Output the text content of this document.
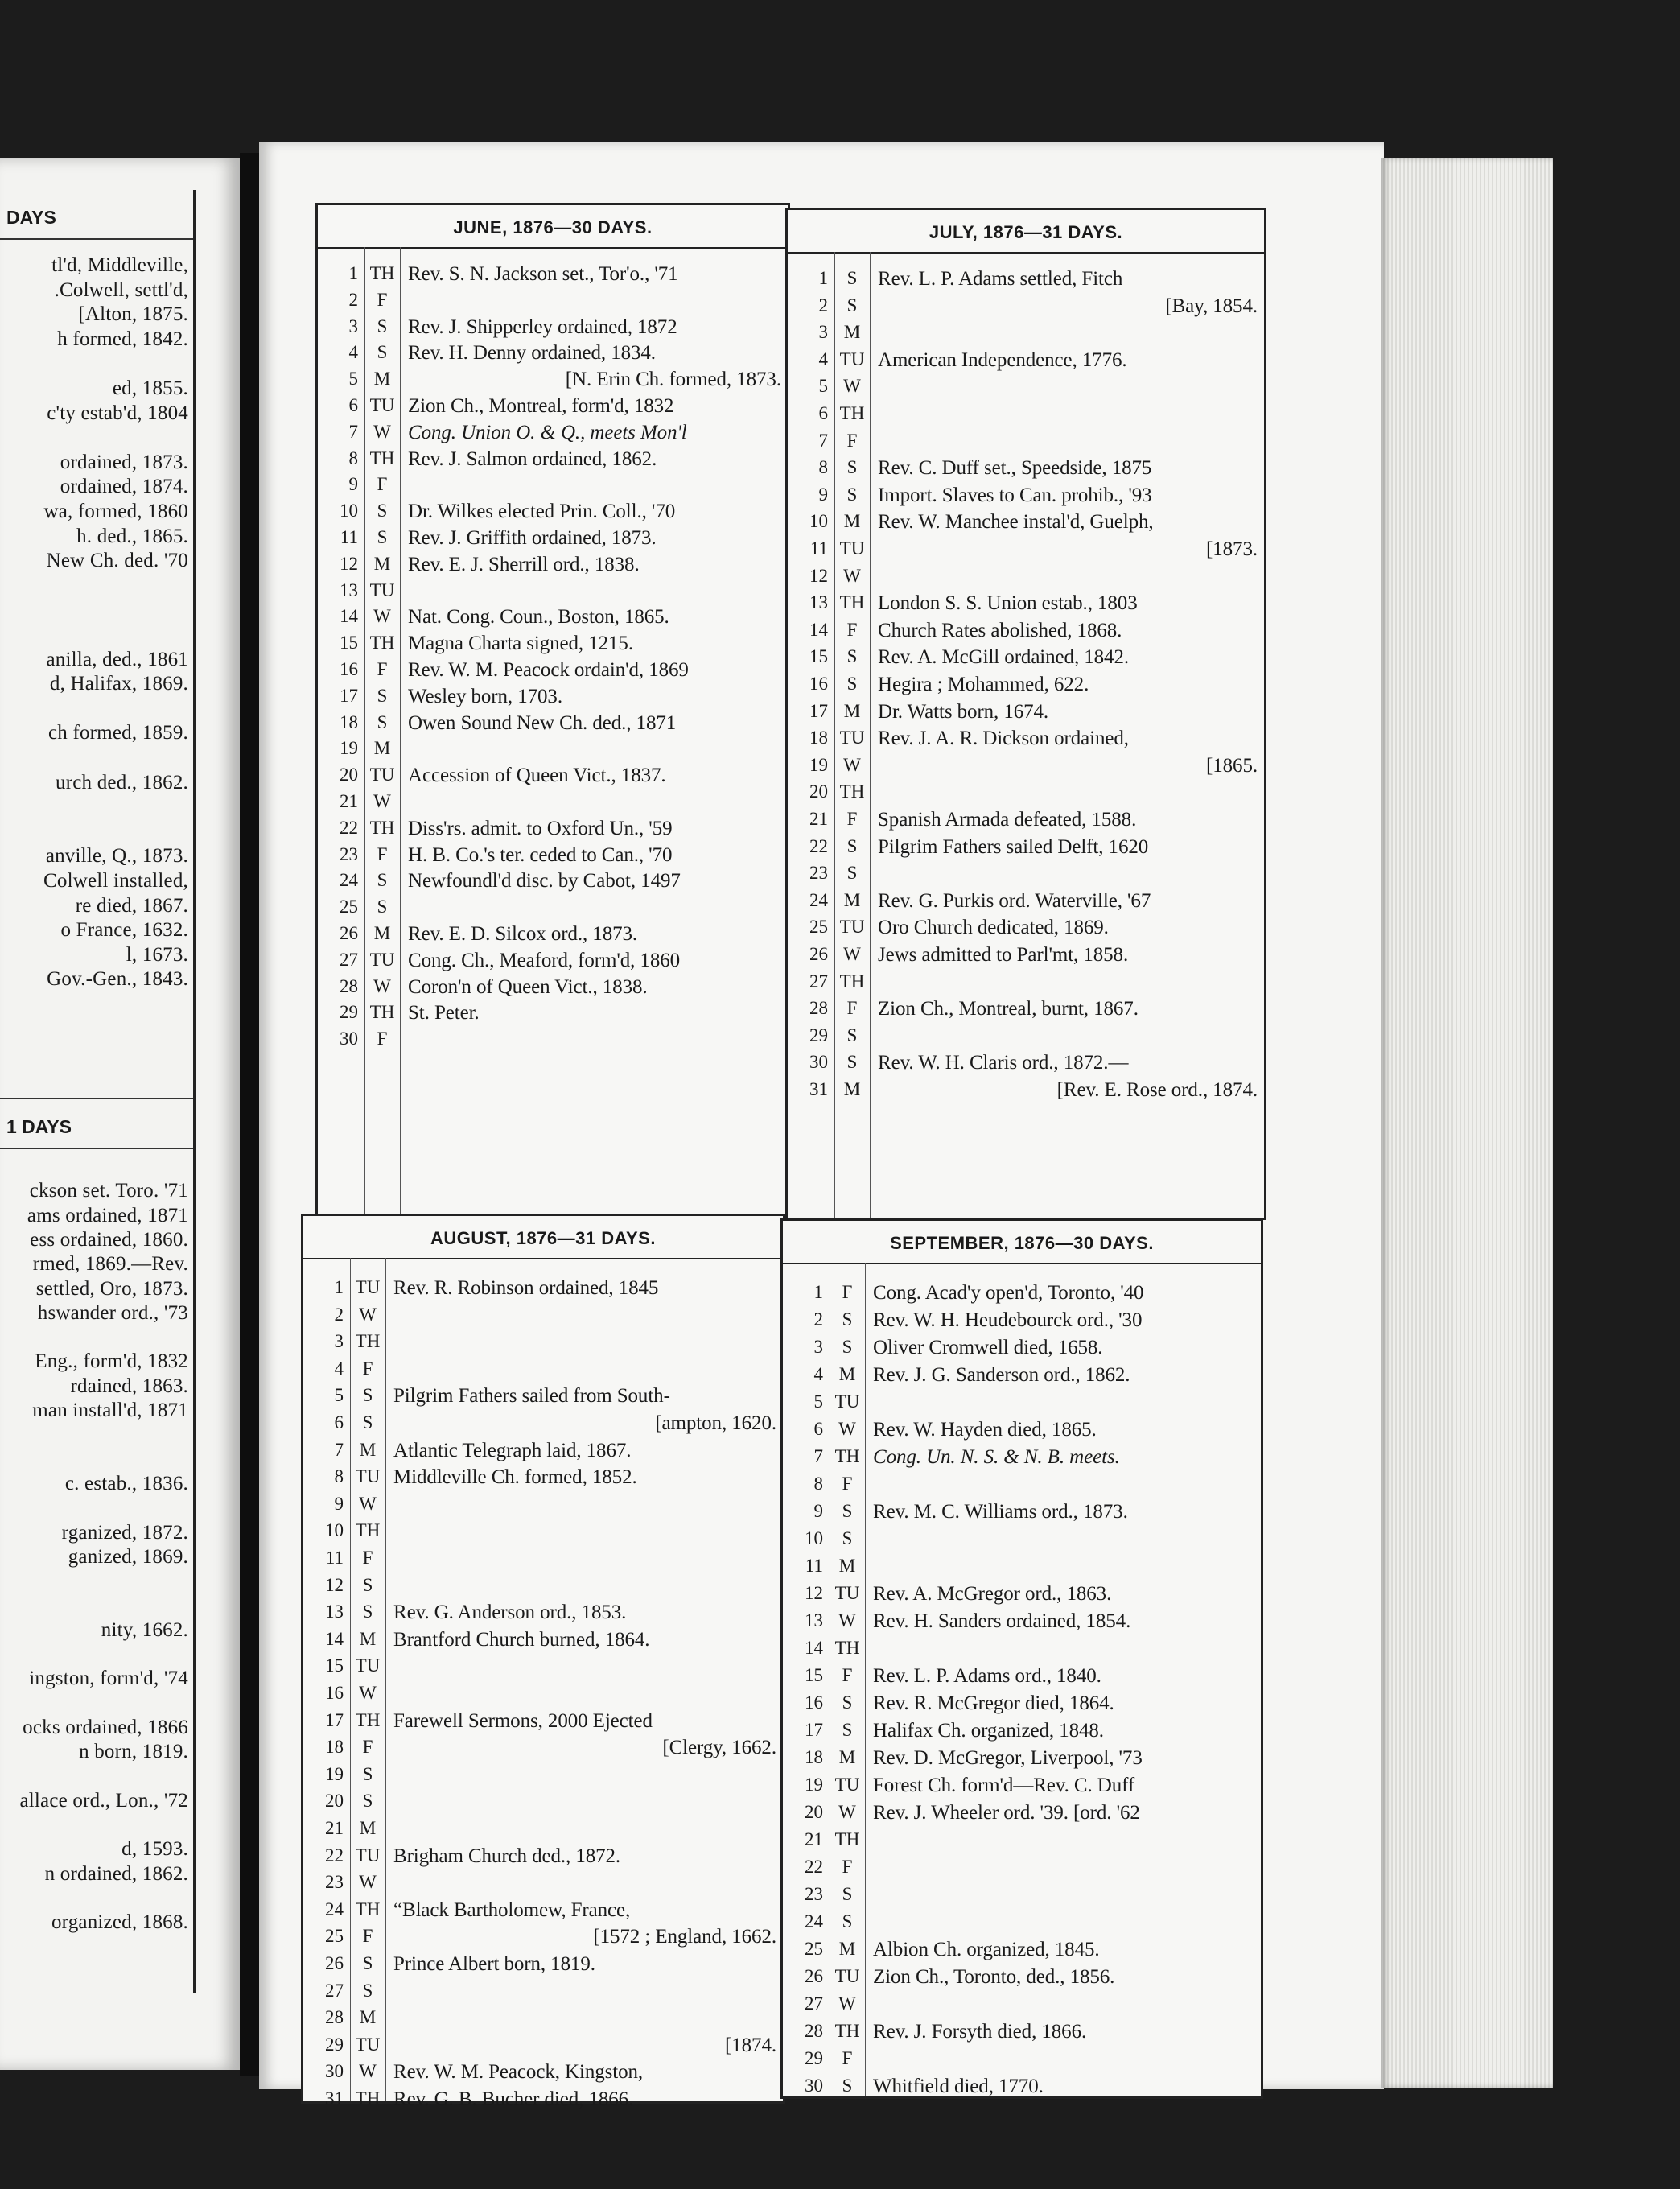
DAYS
tl'd, Middleville,
.Colwell, settl'd,
[Alton, 1875.
h formed, 1842.
ed, 1855.
c'ty estab'd, 1804
ordained, 1873.
ordained, 1874.
wa, formed, 1860
h. ded., 1865.
New Ch. ded. '70
anilla, ded., 1861
d, Halifax, 1869.
ch formed, 1859.
urch ded., 1862.
anville, Q., 1873.
Colwell installed,
re died, 1867.
o France, 1632.
l, 1673.
Gov.-Gen., 1843.
1 DAYS
ckson set. Toro. '71
ams ordained, 1871
ess ordained, 1860.
rmed, 1869.—Rev.
settled, Oro, 1873.
hswander ord., '73
Eng., form'd, 1832
rdained, 1863.
man install'd, 1871
c. estab., 1836.
rganized, 1872.
ganized, 1869.
nity, 1662.
ingston, form'd, '74
ocks ordained, 1866
n born, 1819.
allace ord., Lon., '72
d, 1593.
n ordained, 1862.
organized, 1868.
JUNE, 1876—30 DAYS.
1 TH Rev. S. N. Jackson set., Tor'o., '71
2	F
3	S	Rev. J. Shipperley ordained, 1872
4	S	Rev. H. Denny ordained, 1834.
5 M	[N. Erin Ch. formed, 1873.
6 TU Zion Ch., Montreal, form'd, 1832
7 W Cong. Union O. & Q., meets Mon'l
8 TH Rev. J. Salmon ordained, 1862.
9	F
10	S	Dr. Wilkes elected Prin. Coll., '70
11	S	Rev. J. Griffith ordained, 1873.
12 M Rev. E. J. Sherrill ord., 1838.
13 TU
14 W Nat. Cong. Coun., Boston, 1865.
15 TH Magna Charta signed, 1215.
16	F	Rev. W. M. Peacock ordain'd, 1869
17	S	Wesley born, 1703.
18	S	Owen Sound New Ch. ded., 1871
19 M
20 TU Accession of Queen Vict., 1837.
21 W
22 TH Diss'rs. admit. to Oxford Un., '59
23	F	H. B. Co.'s ter. ceded to Can., '70
24	S	Newfoundl'd disc. by Cabot, 1497
25	S
26 M Rev. E. D. Silcox ord., 1873.
27 TU Cong. Ch., Meaford, form'd, 1860
28 W Coron'n of Queen Vict., 1838.
29 TH St. Peter.
30	F
JULY, 1876—31 DAYS.
1	S	Rev. L. P. Adams settled, Fitch
2	S	[Bay, 1854.
3 M
4 TU American Independence, 1776.
5 W
6 TH
7	F
8	S	Rev. C. Duff set., Speedside, 1875
9	S	Import. Slaves to Can. prohib., '93
10 M Rev. W. Manchee instal'd, Guelph,
11 TU	[1873.
12 W
13 TH London S. S. Union estab., 1803
14	F	Church Rates abolished, 1868.
15	S	Rev. A. McGill ordained, 1842.
16	S	Hegira ; Mohammed, 622.
17 M Dr. Watts born, 1674.
18 TU Rev. J. A. R. Dickson ordained,
19 W	[1865.
20 TH
21	F	Spanish Armada defeated, 1588.
22	S	Pilgrim Fathers sailed Delft, 1620
23	S
24 M Rev. G. Purkis ord. Waterville, '67
25 TU Oro Church dedicated, 1869.
26 W Jews admitted to Parl'mt, 1858.
27 TH
28	F	Zion Ch., Montreal, burnt, 1867.
29	S
30	S	Rev. W. H. Claris ord., 1872.—
31 M	[Rev. E. Rose ord., 1874.
AUGUST, 1876—31 DAYS.
1 TU Rev. R. Robinson ordained, 1845
2 W
3 TH
4	F
5	S	Pilgrim Fathers sailed from South-
6	S	[ampton, 1620.
7 M Atlantic Telegraph laid, 1867.
8 TU Middleville Ch. formed, 1852.
9 W
10 TH
11	F
12	S
13	S	Rev. G. Anderson ord., 1853.
14 M Brantford Church burned, 1864.
15 TU
16 W
17 TH Farewell Sermons, 2000 Ejected
18	F	[Clergy, 1662.
19	S
20	S
21 M
22 TU Brigham Church ded., 1872.
23 W
24 TH “Black Bartholomew, France,
25	F	[1572 ; England, 1662.
26	S	Prince Albert born, 1819.
27	S
28 M
29 TU	[1874.
30 W Rev. W. M. Peacock, Kingston,
31 TH Rev. G. B. Bucher died, 1866.
SEPTEMBER, 1876—30 DAYS.
1	F	Cong. Acad'y open'd, Toronto, '40
2	S	Rev. W. H. Heudebourck ord., '30
3	S	Oliver Cromwell died, 1658.
4 M Rev. J. G. Sanderson ord., 1862.
5 TU
6 W Rev. W. Hayden died, 1865.
7 TH Cong. Un. N. S. & N. B. meets.
8	F
9	S	Rev. M. C. Williams ord., 1873.
10	S
11 M
12 TU Rev. A. McGregor ord., 1863.
13 W Rev. H. Sanders ordained, 1854.
14 TH
15	F	Rev. L. P. Adams ord., 1840.
16	S	Rev. R. McGregor died, 1864.
17	S	Halifax Ch. organized, 1848.
18 M Rev. D. McGregor, Liverpool, '73
19 TU Forest Ch. form'd—Rev. C. Duff
20 W Rev. J. Wheeler ord. '39. [ord. '62
21 TH
22	F
23	S
24	S
25 M Albion Ch. organized, 1845.
26 TU Zion Ch., Toronto, ded., 1856.
27 W
28 TH Rev. J. Forsyth died, 1866.
29	F
30	S	Whitfield died, 1770.
